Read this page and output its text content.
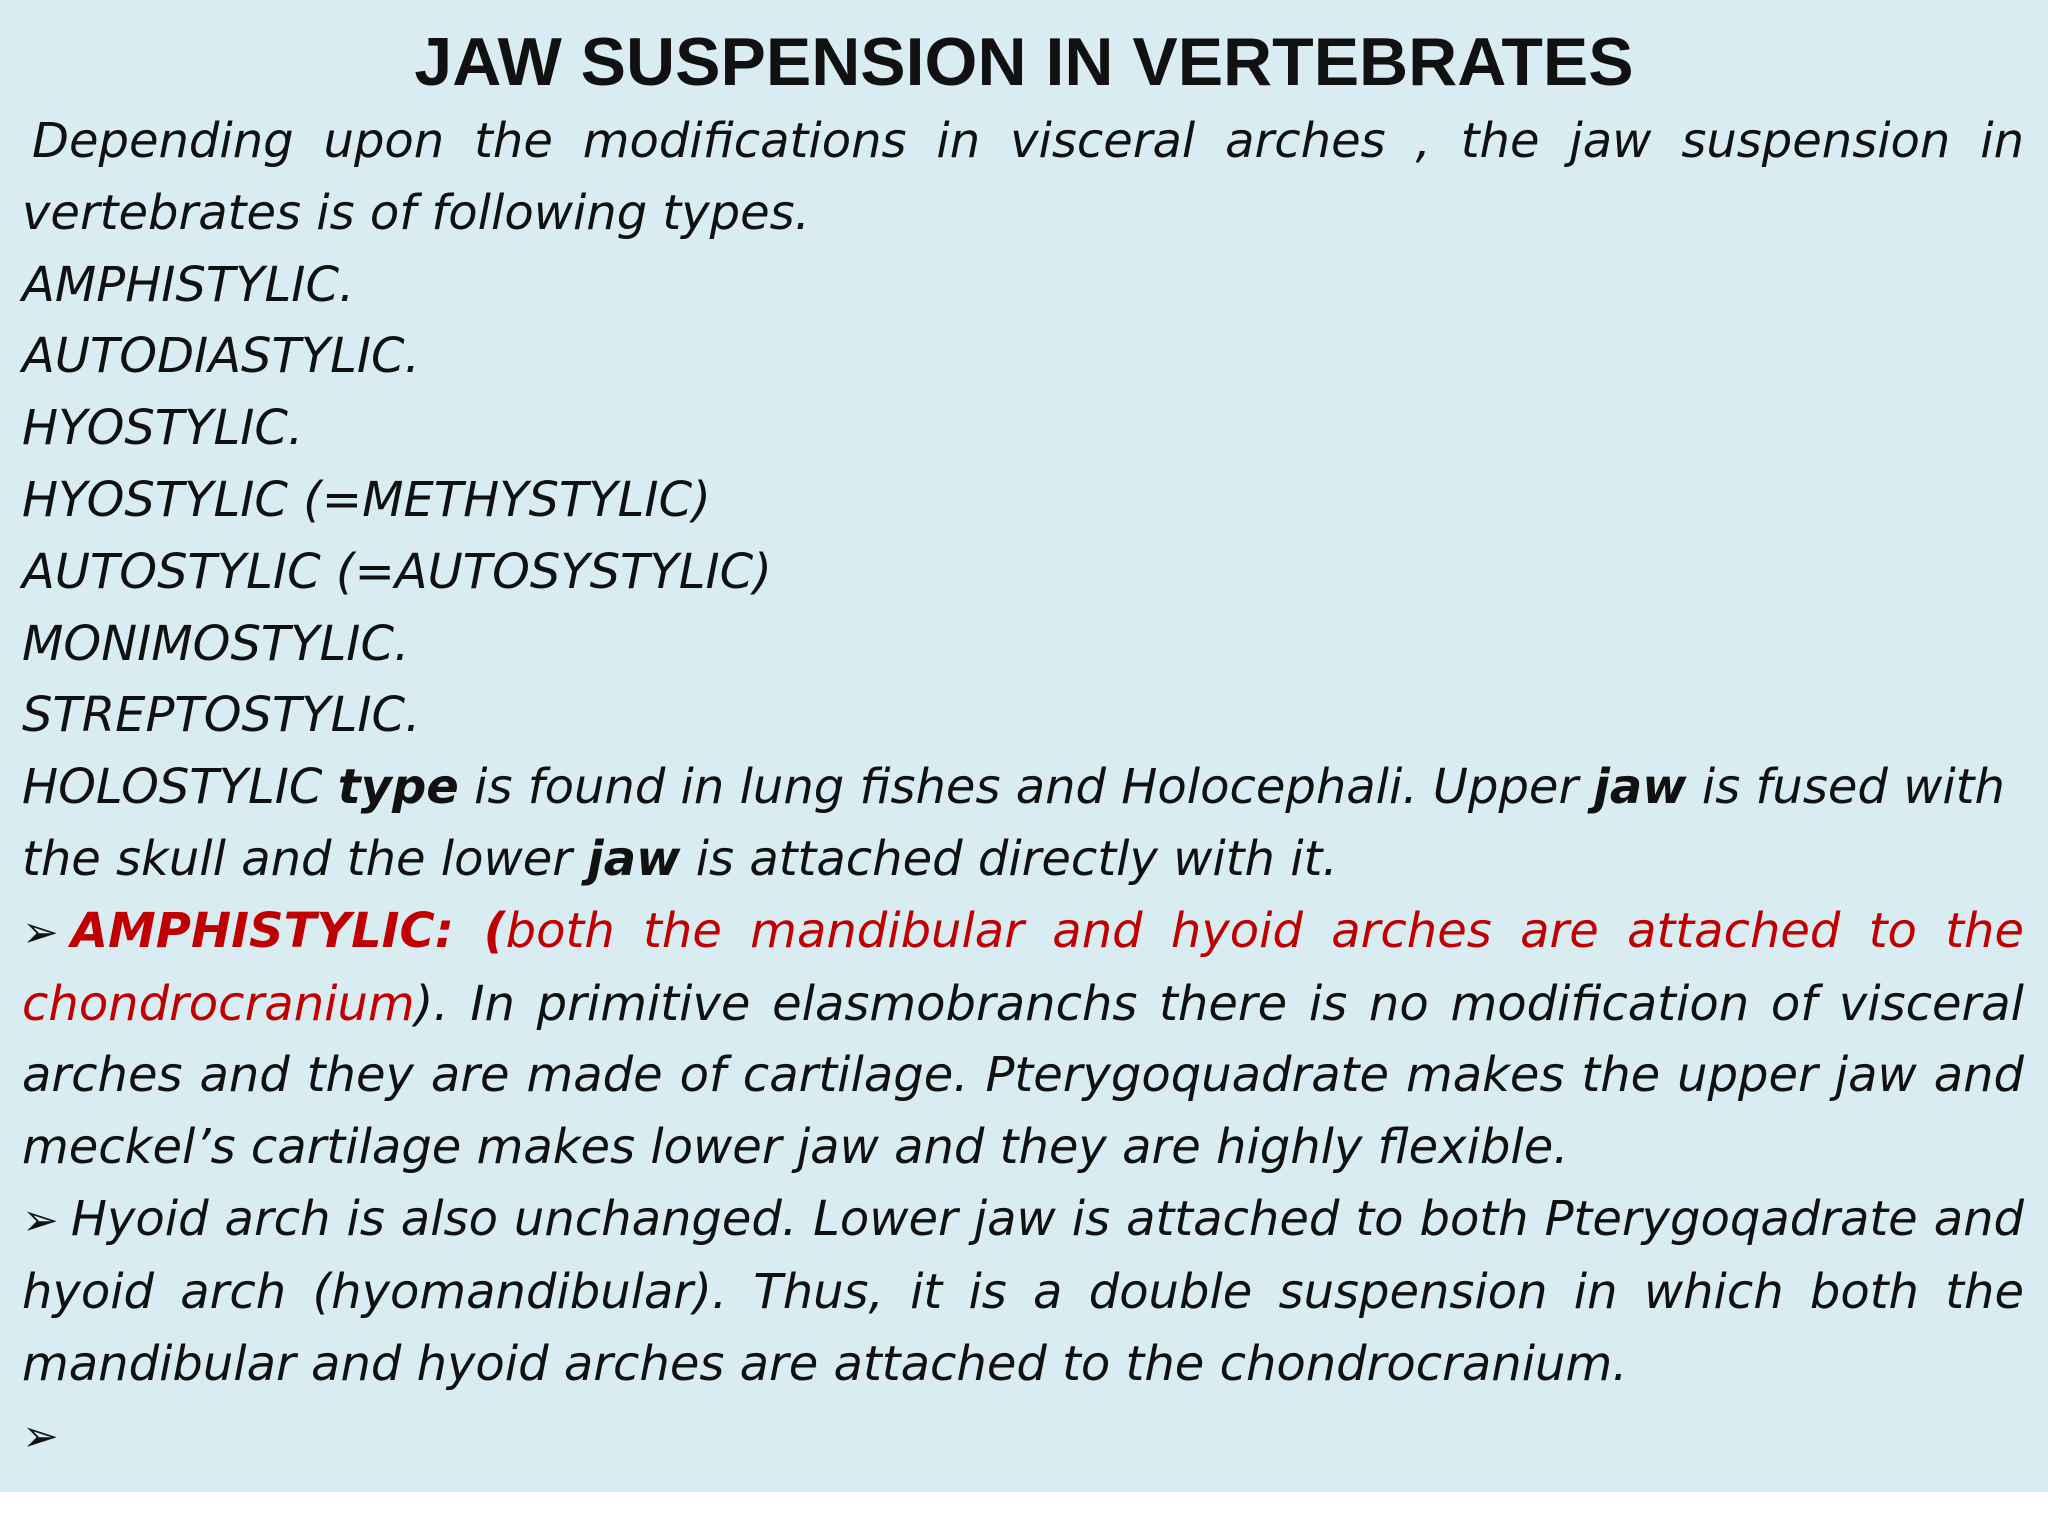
JAW SUSPENSION IN VERTEBRATES

Depending upon the modifications in visceral arches , the jaw suspension in vertebrates is of following types.

AMPHISTYLIC.

AUTODIASTYLIC.

HYOSTYLIC.

HYOSTYLIC (=METHYSTYLIC)

AUTOSTYLIC (=AUTOSYSTYLIC)

MONIMOSTYLIC.

STREPTOSTYLIC.

HOLOSTYLIC type is found in lung fishes and Holocephali. Upper jaw is fused with the skull and the lower jaw is attached directly with it.

➢ AMPHISTYLIC: (both the mandibular and hyoid arches are attached to the chondrocranium). In primitive elasmobranchs there is no modification of visceral arches and they are made of cartilage. Pterygoquadrate makes the upper jaw and meckel’s cartilage makes lower jaw and they are highly flexible.

➢ Hyoid arch is also unchanged. Lower jaw is attached to both Pterygoqadrate and hyoid arch (hyomandibular). Thus, it is a double suspension in which both the mandibular and hyoid arches are attached to the chondrocranium.

➢
